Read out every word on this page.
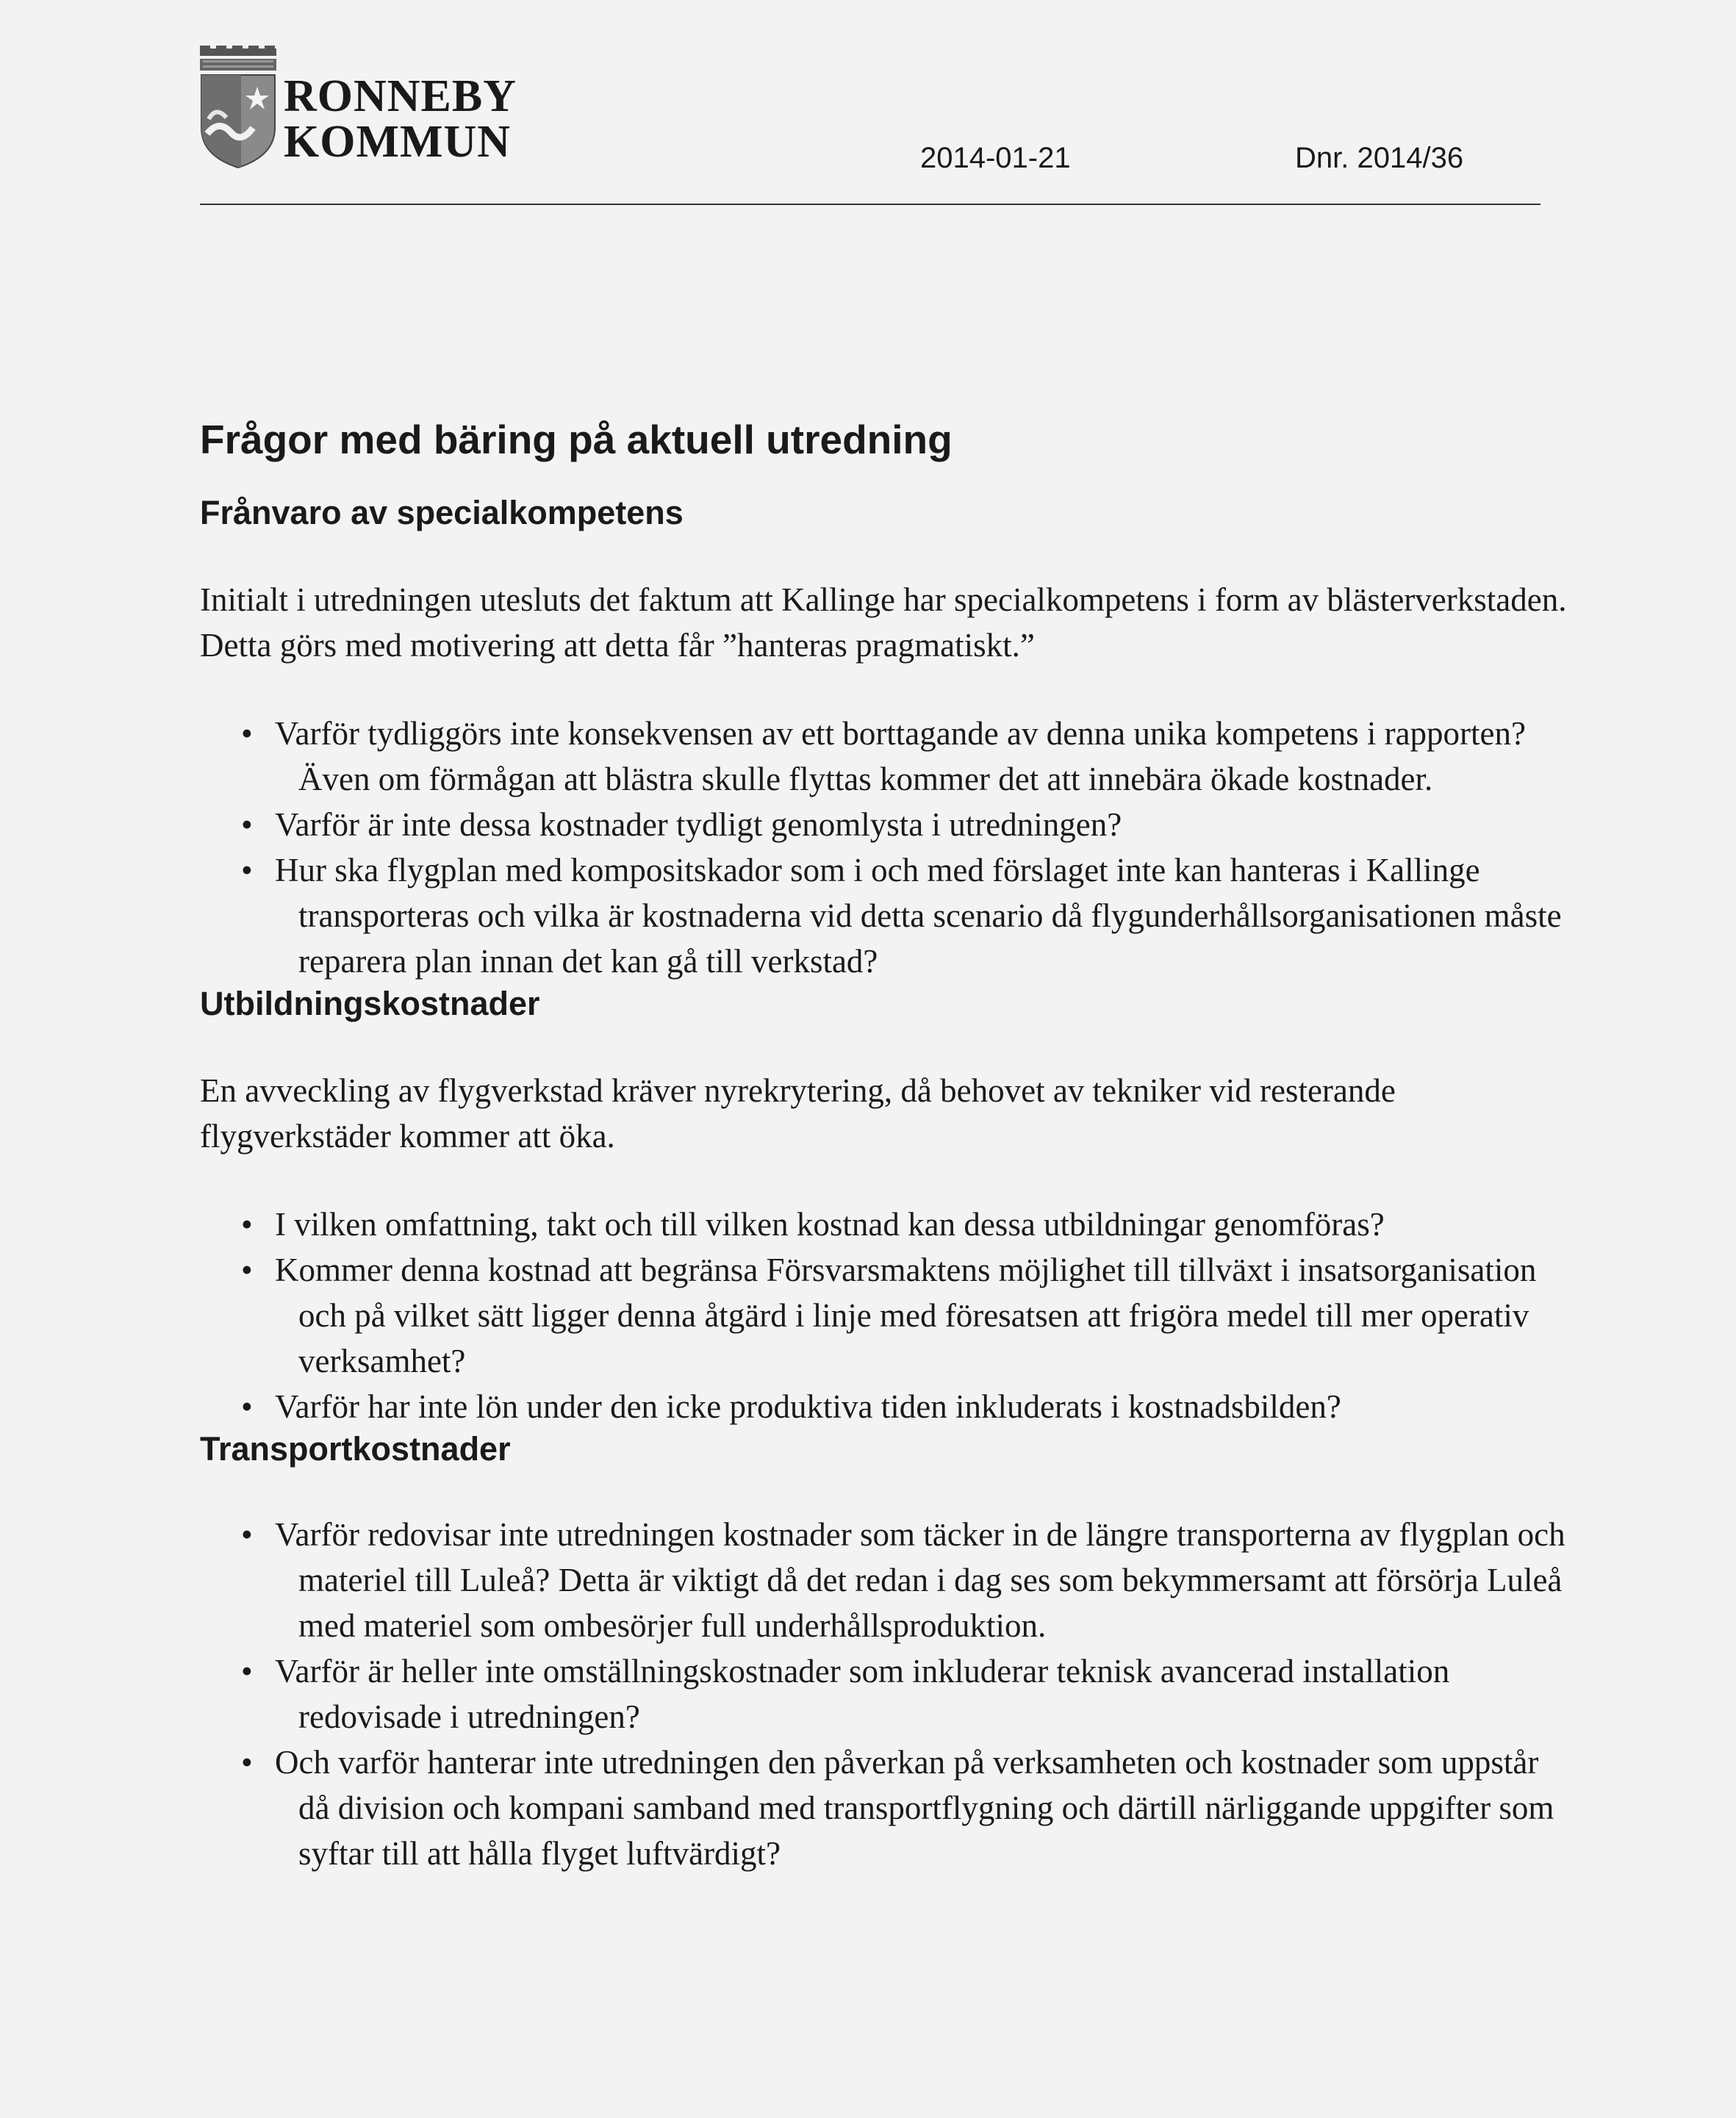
RONNEBY
KOMMUN	2014-01-21	Dnr. 2014/36
Frågor med bäring på aktuell utredning
Frånvaro av specialkompetens

Initialt i utredningen utesluts det faktum att Kallinge har specialkompetens i form av blästerverkstaden. Detta görs med motivering att detta får ”hanteras pragmatiskt.”

• Varför tydliggörs inte konsekvensen av ett borttagande av denna unika kompetens i rapporten? Även om förmågan att blästra skulle flyttas kommer det att innebära ökade kostnader.
• Varför är inte dessa kostnader tydligt genomlysta i utredningen?
• Hur ska flygplan med kompositskador som i och med förslaget inte kan hanteras i Kallinge transporteras och vilka är kostnaderna vid detta scenario då flygunderhållsorganisationen måste reparera plan innan det kan gå till verkstad?
Utbildningskostnader

En avveckling av flygverkstad kräver nyrekrytering, då behovet av tekniker vid resterande flygverkstäder kommer att öka.

• I vilken omfattning, takt och till vilken kostnad kan dessa utbildningar genomföras?
• Kommer denna kostnad att begränsa Försvarsmaktens möjlighet till tillväxt i insatsorganisation och på vilket sätt ligger denna åtgärd i linje med föresatsen att frigöra medel till mer operativ verksamhet?
• Varför har inte lön under den icke produktiva tiden inkluderats i kostnadsbilden?
Transportkostnader
• Varför redovisar inte utredningen kostnader som täcker in de längre transporterna av flygplan och materiel till Luleå? Detta är viktigt då det redan i dag ses som bekymmersamt att försörja Luleå med materiel som ombesörjer full underhållsproduktion.
• Varför är heller inte omställningskostnader som inkluderar teknisk avancerad installation redovisade i utredningen?
• Och varför hanterar inte utredningen den påverkan på verksamheten och kostnader som uppstår då division och kompani samband med transportflygning och därtill närliggande uppgifter som syftar till att hålla flyget luftvärdigt?
